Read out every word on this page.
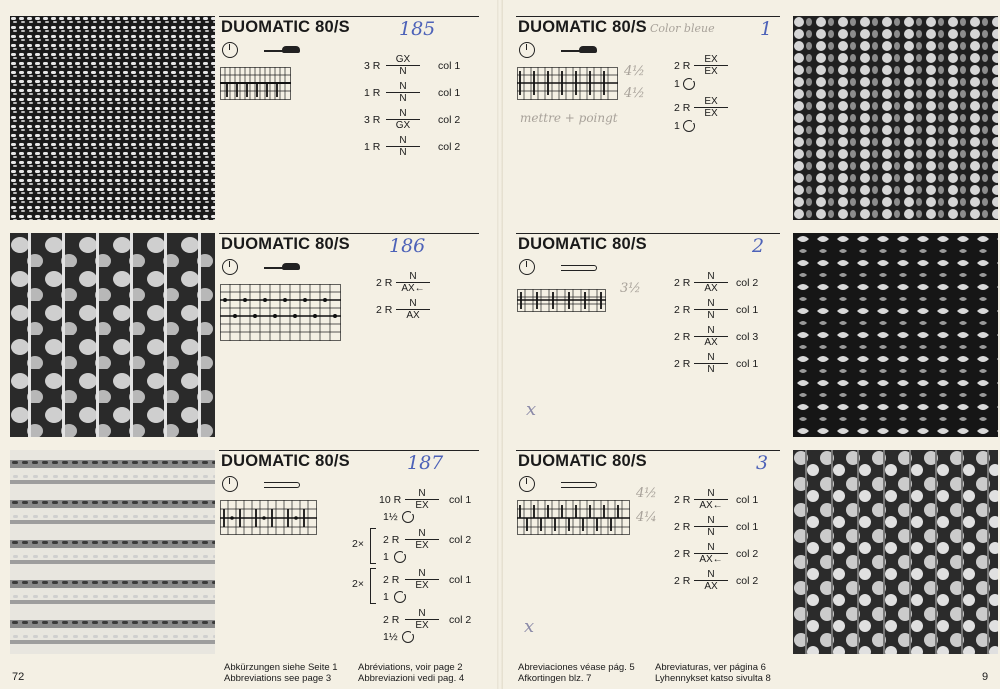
DUOMATIC 80/S	185
3 R $\frac{GX}{N}$ col 1
1 R $\frac{N}{N}$ col 1
3 R $\frac{N}{GX}$ col 2
1 R $\frac{N}{N}$ col 2
DUOMATIC 80/S 186
2 R $\frac{N}{AX\leftarrow}$
2 R $\frac{N}{AX}$
DUOMATIC 80/S	187
2×
2×
10 R $\frac{N}{EX}$ col 1
1½
2 R $\frac{N}{EX}$ col 2
1
2 R $\frac{N}{EX}$ col 1
1
2 R $\frac{N}{EX}$ col 2
1½
DUOMATIC 80/S Color bleue 1
4½
4½
mettre + poingt
2 R $\frac{EX}{EX}$
1
2 R $\frac{EX}{EX}$
1
DUOMATIC 80/S	2
3½
x
2 R $\frac{N}{AX}$ col 2
2 R $\frac{N}{N}$ col 1
2 R $\frac{N}{AX}$ col 3
2 R $\frac{N}{N}$ col 1
DUOMATIC 80/S	3
4½
4¼
x
2 R $\frac{N}{AX\leftarrow}$ col 1
2 R $\frac{N}{N}$ col 1
2 R $\frac{N}{AX\leftarrow}$ col 2
2 R $\frac{N}{AX}$ col 2
72
Abkürzungen siehe Seite 1
Abbreviations see page 3
Abréviations, voir page 2
Abbreviazioni vedi pag. 4
Abreviaciones véase pág. 5
Afkortingen blz. 7
Abreviaturas, ver página 6
Lyhennykset katso sivulta 8	9
